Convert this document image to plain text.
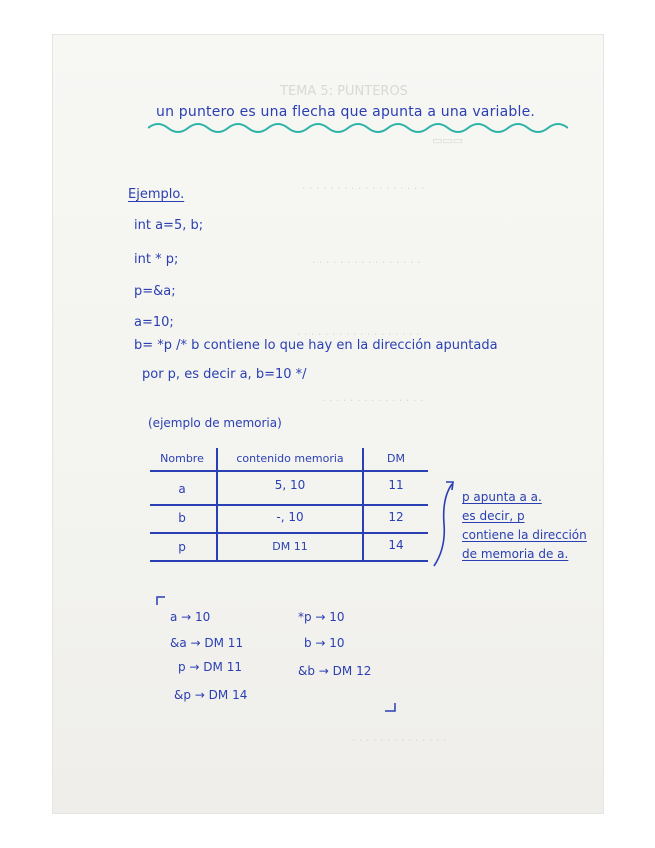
TEMA 5: PUNTEROS
▭▭▭
· · · · · · · · · · · · · · · · · ·
· · · · · · · · · · · · · · · ·
· · · · · · · · · · · · · · · · · ·
· · · · · · · · · · · · · · ·
· · · · · · · · · · · · · ·
un puntero es una flecha que apunta a una variable.
Ejemplo.
int a=5, b;
int * p;
p=&a;
a=10;
b= *p /* b contiene lo que hay en la dirección apuntada
por p, es decir a, b=10 */
(ejemplo de memoria)
Nombre	contenido memoria	DM
a	5, 10	11
b	-, 10	12
p	DM 11	14
p apunta a a.
es decir, p
contiene la dirección
de memoria de a.
a → 10
&a → DM 11
p → DM 11
&p → DM 14
*p → 10
b → 10
&b → DM 12
